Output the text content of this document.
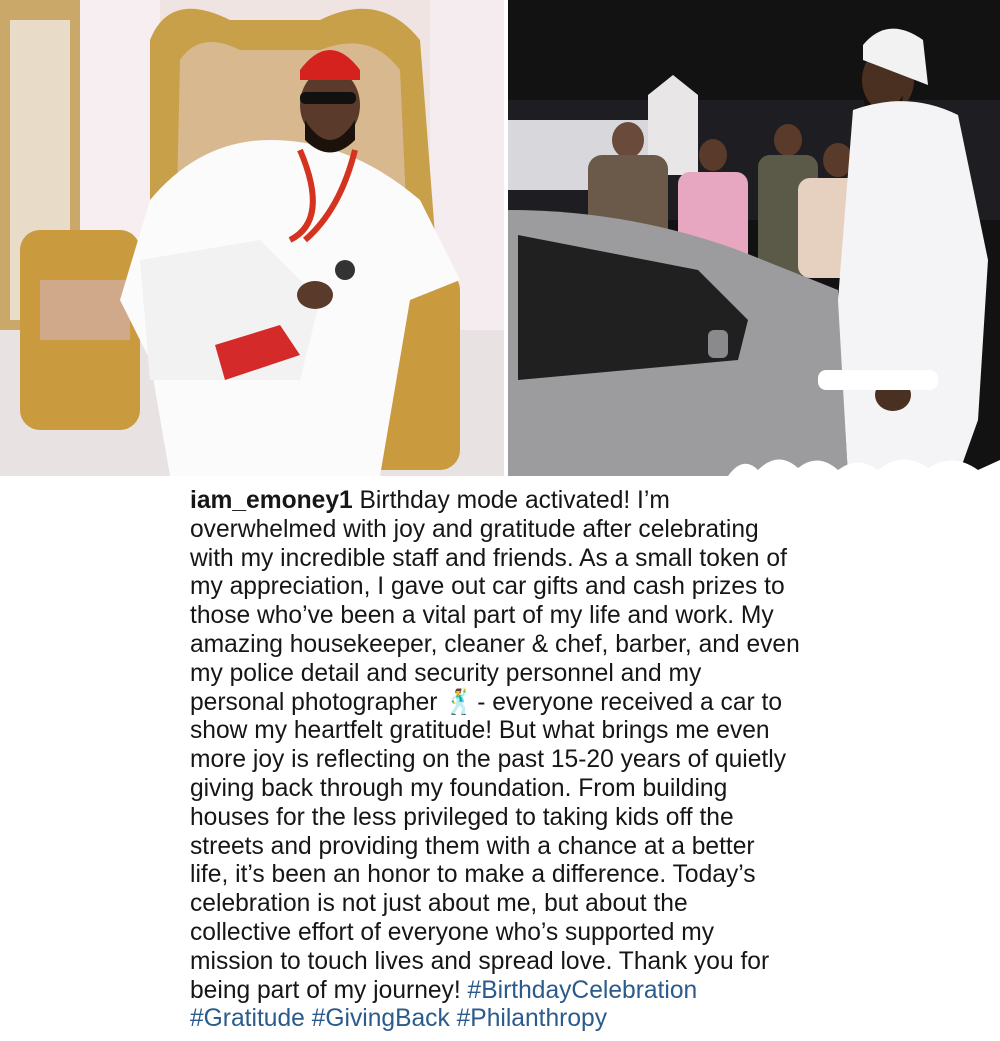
iam_emoney1 Birthday mode activated! I’m

overwhelmed with joy and gratitude after celebrating

with my incredible staff and friends. As a small token of

my appreciation, I gave out car gifts and cash prizes to

those who’ve been a vital part of my life and work. My

amazing housekeeper, cleaner & chef, barber, and even

my police detail and security personnel and my

personal photographer 🕺 - everyone received a car to

show my heartfelt gratitude! But what brings me even

more joy is reflecting on the past 15-20 years of quietly

giving back through my foundation. From building

houses for the less privileged to taking kids off the

streets and providing them with a chance at a better

life, it’s been an honor to make a difference. Today’s

celebration is not just about me, but about the

collective effort of everyone who’s supported my

mission to touch lives and spread love. Thank you for

being part of my journey! #BirthdayCelebration

#Gratitude #GivingBack #Philanthropy
